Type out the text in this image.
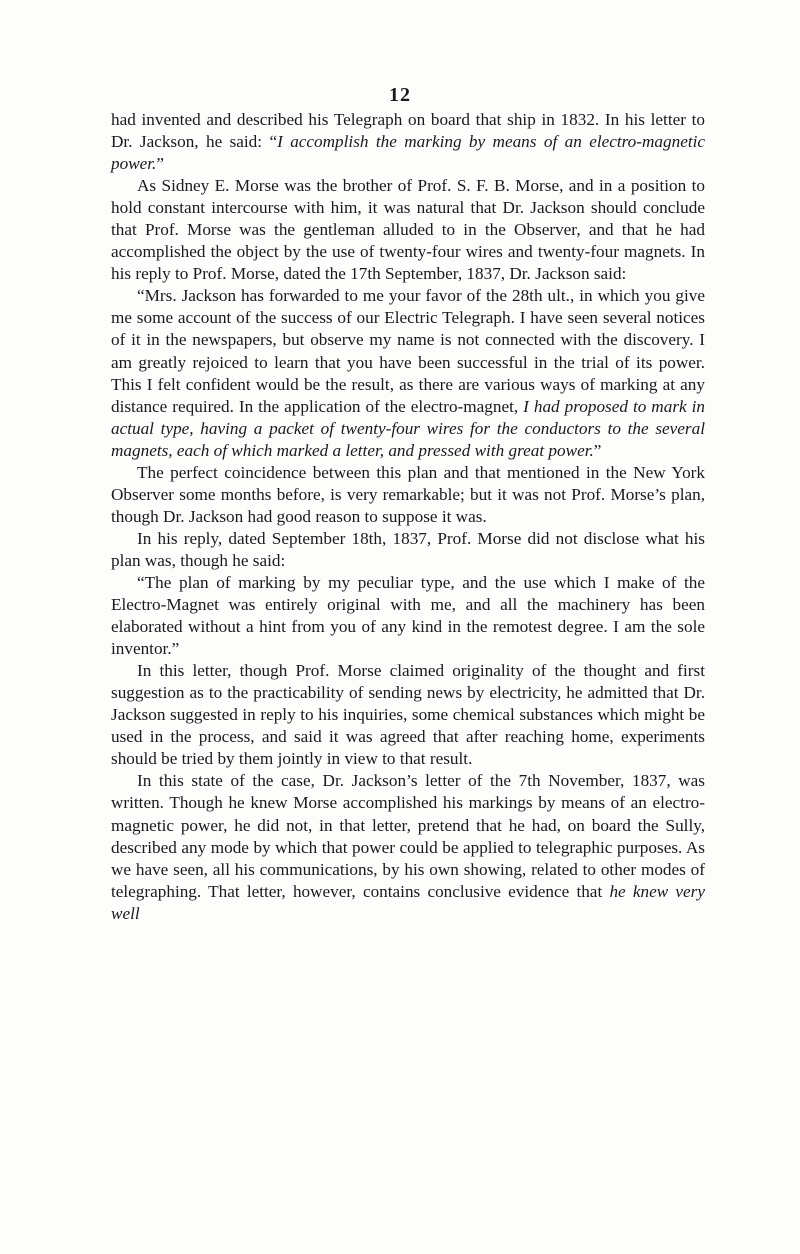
12

had invented and described his Telegraph on board that ship in 1832. In his letter to Dr. Jackson, he said: “I accomplish the marking by means of an electro-magnetic power.”

As Sidney E. Morse was the brother of Prof. S. F. B. Morse, and in a position to hold constant intercourse with him, it was natural that Dr. Jackson should conclude that Prof. Morse was the gentleman alluded to in the Observer, and that he had accomplished the object by the use of twenty-four wires and twenty-four magnets. In his reply to Prof. Morse, dated the 17th September, 1837, Dr. Jackson said:

“Mrs. Jackson has forwarded to me your favor of the 28th ult., in which you give me some account of the success of our Electric Telegraph. I have seen several notices of it in the newspapers, but observe my name is not connected with the discovery. I am greatly rejoiced to learn that you have been successful in the trial of its power. This I felt confident would be the result, as there are various ways of marking at any distance required. In the application of the electro-magnet, I had proposed to mark in actual type, having a packet of twenty-four wires for the conductors to the several magnets, each of which marked a letter, and pressed with great power.”

The perfect coincidence between this plan and that mentioned in the New York Observer some months before, is very remarkable; but it was not Prof. Morse’s plan, though Dr. Jackson had good reason to suppose it was.

In his reply, dated September 18th, 1837, Prof. Morse did not disclose what his plan was, though he said:

“The plan of marking by my peculiar type, and the use which I make of the Electro-Magnet was entirely original with me, and all the machinery has been elaborated without a hint from you of any kind in the remotest degree. I am the sole inventor.”

In this letter, though Prof. Morse claimed originality of the thought and first suggestion as to the practicability of sending news by electricity, he admitted that Dr. Jackson suggested in reply to his inquiries, some chemical substances which might be used in the process, and said it was agreed that after reaching home, experiments should be tried by them jointly in view to that result.

In this state of the case, Dr. Jackson’s letter of the 7th November, 1837, was written. Though he knew Morse accomplished his markings by means of an electro-magnetic power, he did not, in that letter, pretend that he had, on board the Sully, described any mode by which that power could be applied to telegraphic purposes. As we have seen, all his communications, by his own showing, related to other modes of telegraphing. That letter, however, contains conclusive evidence that he knew very well
